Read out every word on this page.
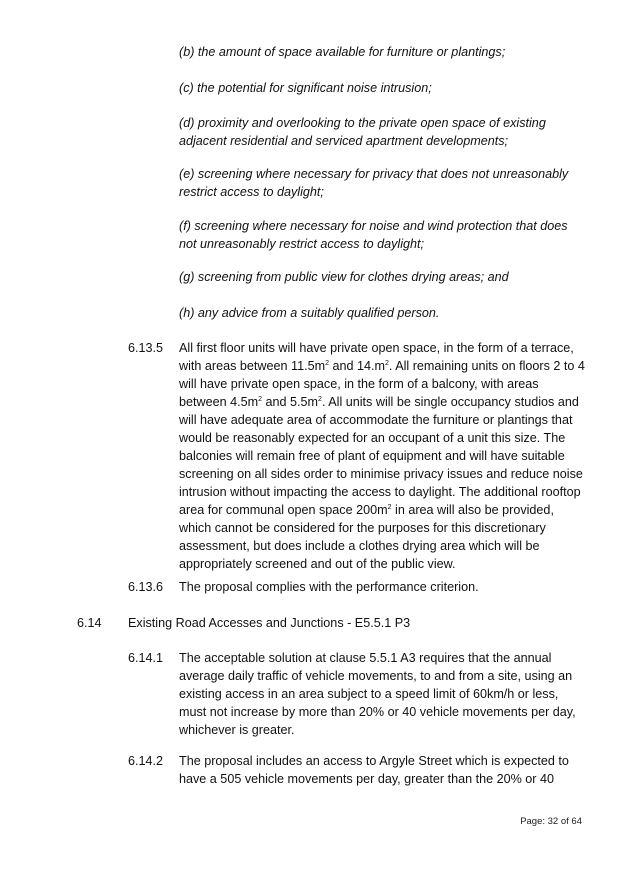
(b) the amount of space available for furniture or plantings;

(c) the potential for significant noise intrusion;

(d) proximity and overlooking to the private open space of existing adjacent residential and serviced apartment developments;

(e) screening where necessary for privacy that does not unreasonably restrict access to daylight;

(f) screening where necessary for noise and wind protection that does not unreasonably restrict access to daylight;

(g) screening from public view for clothes drying areas; and

(h) any advice from a suitably qualified person.

6.13.5 All first floor units will have private open space, in the form of a terrace, with areas between $11.5m^2$ and $14.m^2$. All remaining units on floors 2 to 4 will have private open space, in the form of a balcony, with areas between $4.5m^2$ and $5.5m^2$. All units will be single occupancy studios and will have adequate area of accommodate the furniture or plantings that would be reasonably expected for an occupant of a unit this size. The balconies will remain free of plant of equipment and will have suitable screening on all sides order to minimise privacy issues and reduce noise intrusion without impacting the access to daylight. The additional rooftop area for communal open space $200m^2$ in area will also be provided, which cannot be considered for the purposes for this discretionary assessment, but does include a clothes drying area which will be appropriately screened and out of the public view.

6.13.6 The proposal complies with the performance criterion.

6.14 Existing Road Accesses and Junctions - E5.5.1 P3
6.14.1 The acceptable solution at clause 5.5.1 A3 requires that the annual average daily traffic of vehicle movements, to and from a site, using an existing access in an area subject to a speed limit of 60km/h or less, must not increase by more than 20% or 40 vehicle movements per day, whichever is greater.

6.14.2 The proposal includes an access to Argyle Street which is expected to have a 505 vehicle movements per day, greater than the 20% or 40

Page: 32 of 64
